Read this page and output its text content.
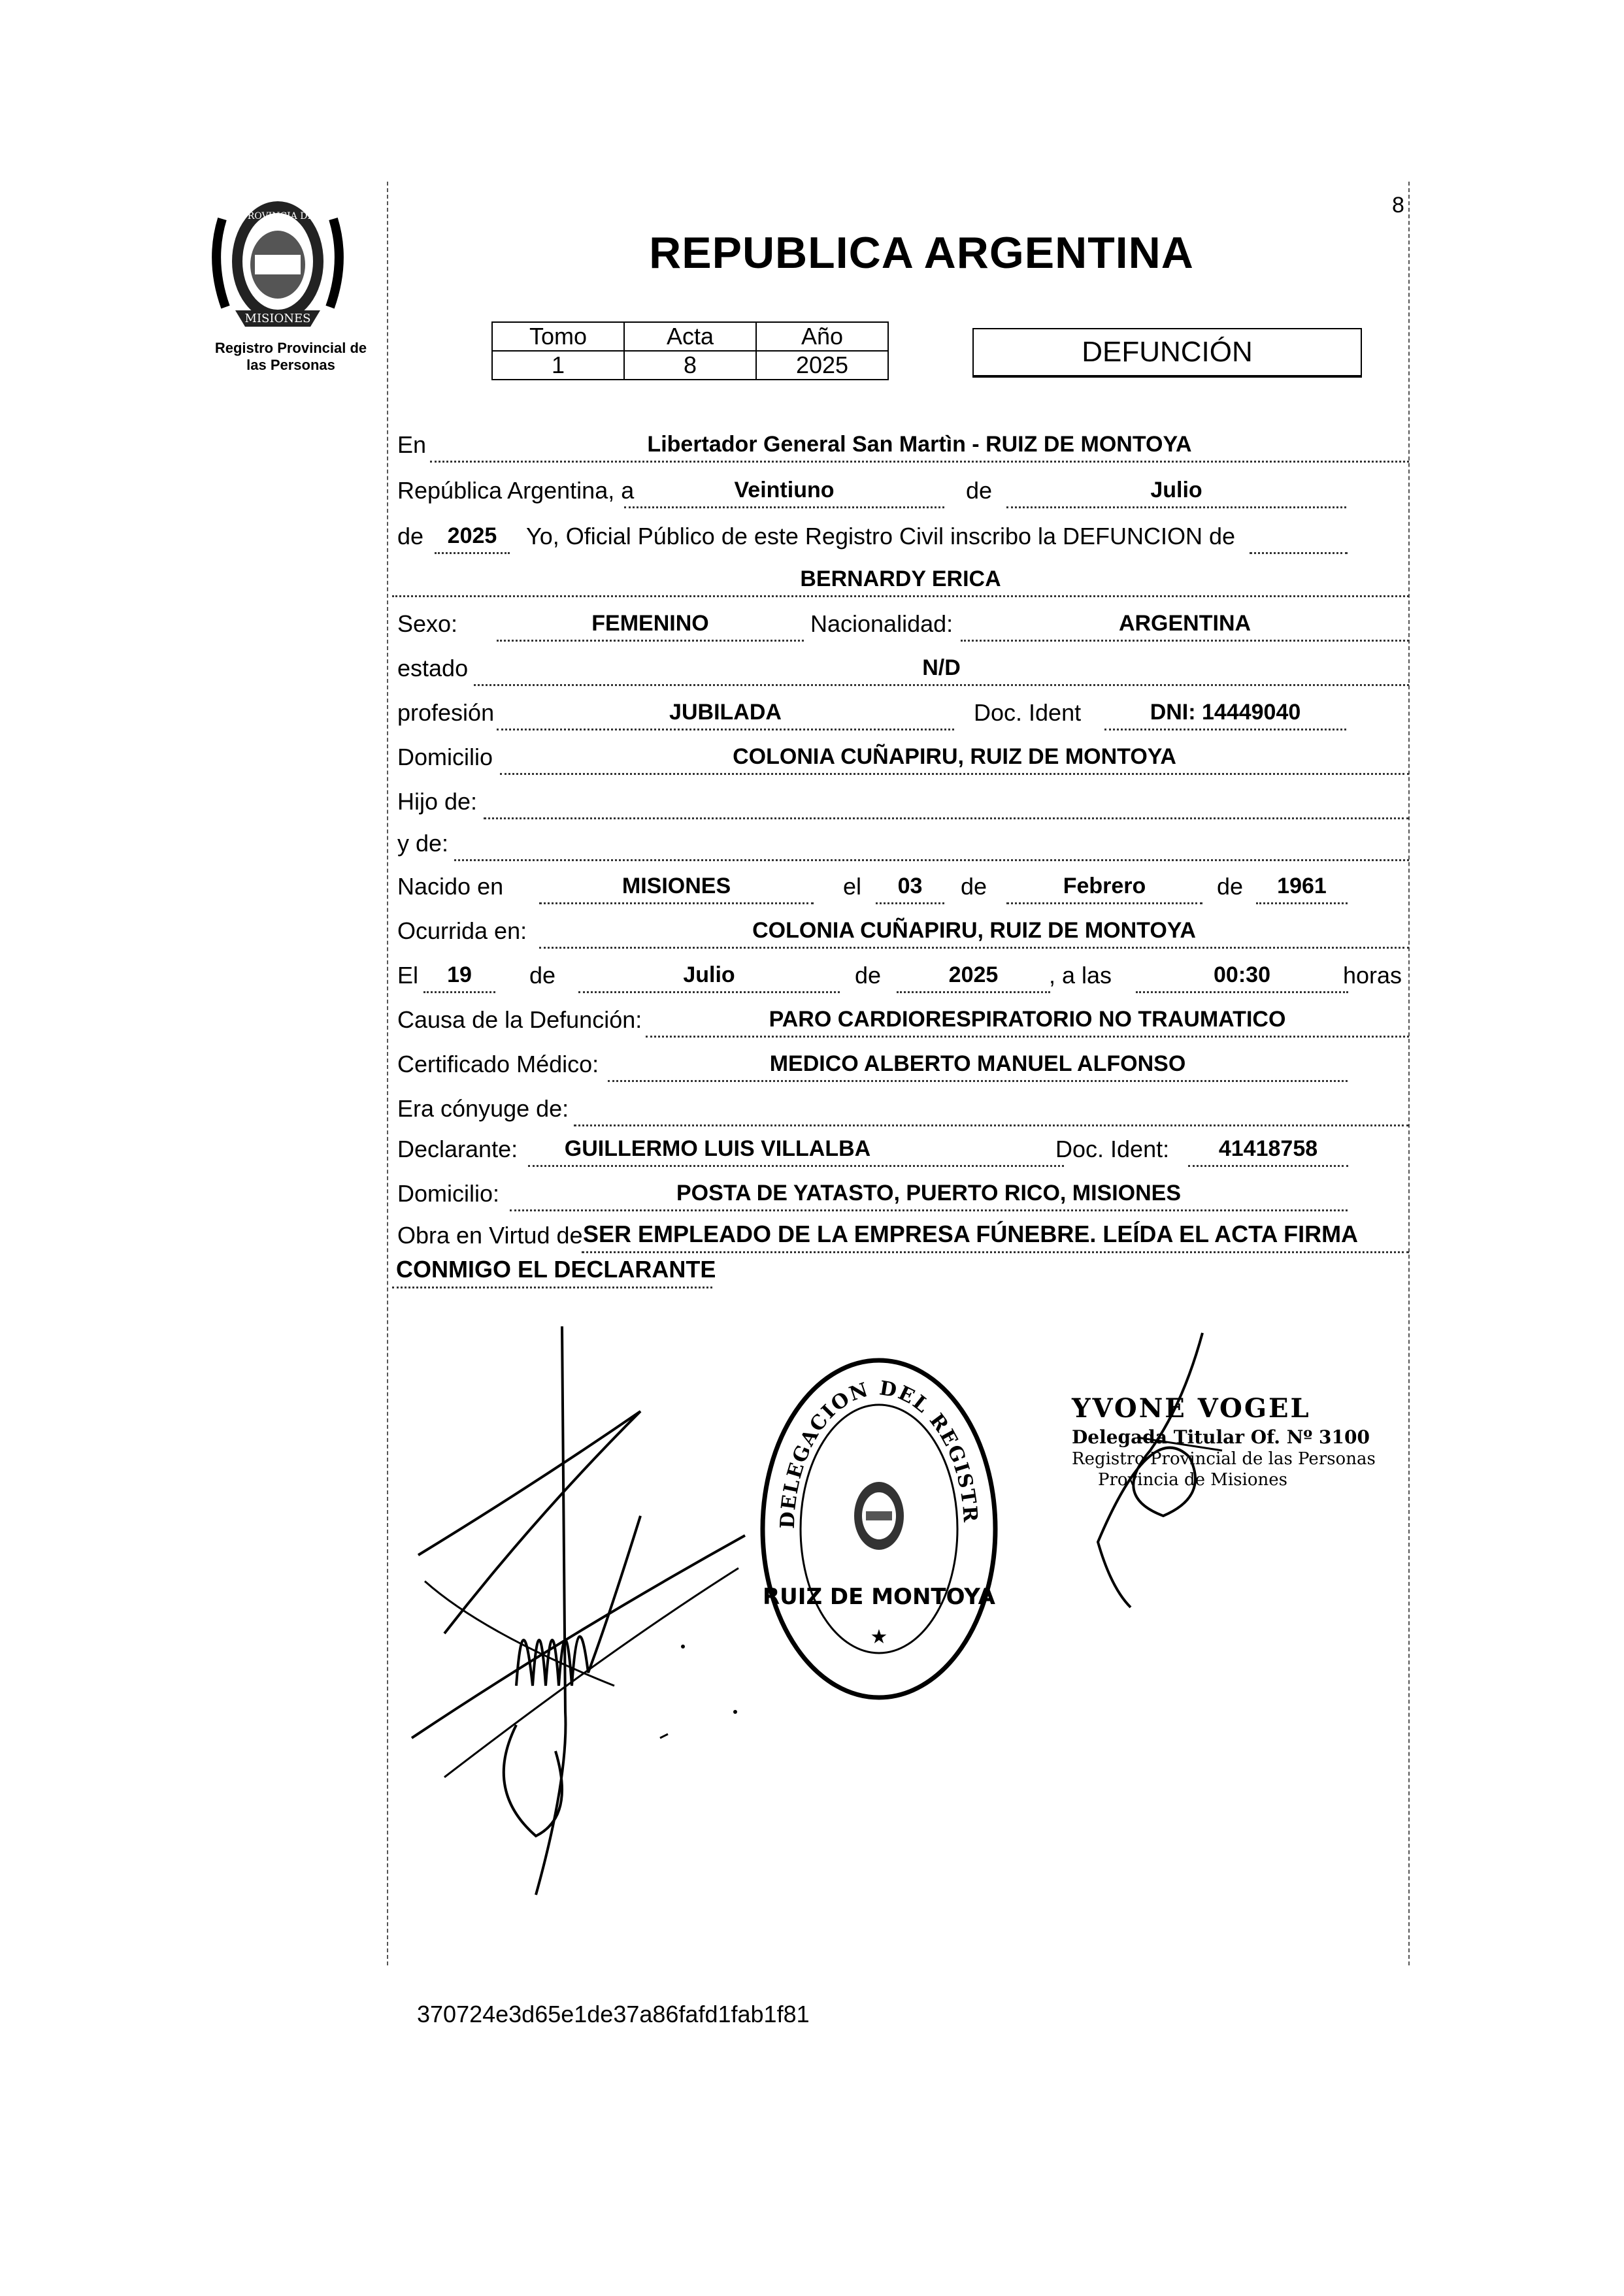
MISIONES
PROVINCIA DE
Registro Provincial de
las Personas
8
REPUBLICA ARGENTINA
Tomo	Acta	Año
1	8	2025	DEFUNCIÓN
En	Libertador General San Martìn - RUIZ DE MONTOYA
República Argentina, a	Veintiuno	de	Julio
de	2025	Yo, Oficial Público de este Registro Civil inscribo la DEFUNCION de
BERNARDY ERICA
Sexo:	FEMENINO	Nacionalidad:	ARGENTINA
estado	N/D
profesión	JUBILADA	Doc. Ident	DNI: 14449040
Domicilio	COLONIA CUÑAPIRU, RUIZ DE MONTOYA
Hijo de:
y de:
Nacido en	MISIONES	el	03	de	Febrero	de	1961
Ocurrida en:	COLONIA CUÑAPIRU, RUIZ DE MONTOYA
El	19	de	Julio	de	2025	, a las	00:30	horas
Causa de la Defunción:	PARO CARDIORESPIRATORIO NO TRAUMATICO
Certificado Médico:	MEDICO ALBERTO MANUEL ALFONSO
Era cónyuge de:
Declarante:	GUILLERMO LUIS VILLALBA	Doc. Ident:	41418758
Domicilio:	POSTA DE YATASTO, PUERTO RICO, MISIONES
Obra en Virtud de SER EMPLEADO DE LA EMPRESA FÚNEBRE. LEÍDA EL ACTA FIRMA
CONMIGO EL DECLARANTE
DELEGACION DEL REGISTR
RUIZ DE MONTOYA
★
YVONE VOGEL
Delegada Titular Of. Nº 3100
Registro Provincial de las Personas
Provincia de Misiones
370724e3d65e1de37a86fafd1fab1f81
